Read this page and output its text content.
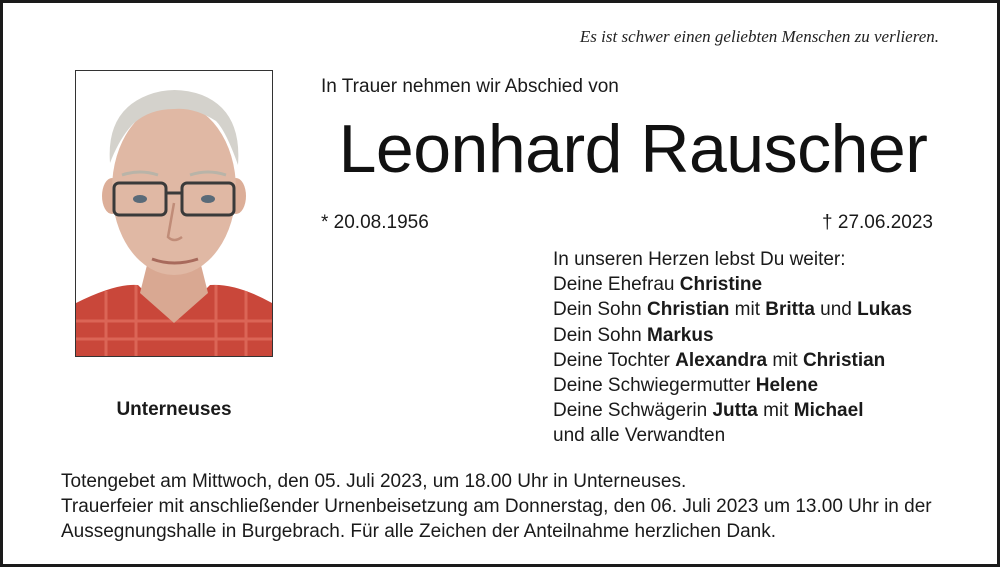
Es ist schwer einen geliebten Menschen zu verlieren.
Unterneuses
In Trauer nehmen wir Abschied von
Leonhard Rauscher
* 20.08.1956	† 27.06.2023
In unseren Herzen lebst Du weiter:
Deine Ehefrau Christine
Dein Sohn Christian mit Britta und Lukas
Dein Sohn Markus
Deine Tochter Alexandra mit Christian
Deine Schwiegermutter Helene
Deine Schwägerin Jutta mit Michael
und alle Verwandten
Totengebet am Mittwoch, den 05. Juli 2023, um 18.00 Uhr in Unterneuses.
Trauerfeier mit anschließender Urnenbeisetzung am Donnerstag, den 06. Juli 2023 um 13.00 Uhr in der
Aussegnungshalle in Burgebrach. Für alle Zeichen der Anteilnahme herzlichen Dank.
